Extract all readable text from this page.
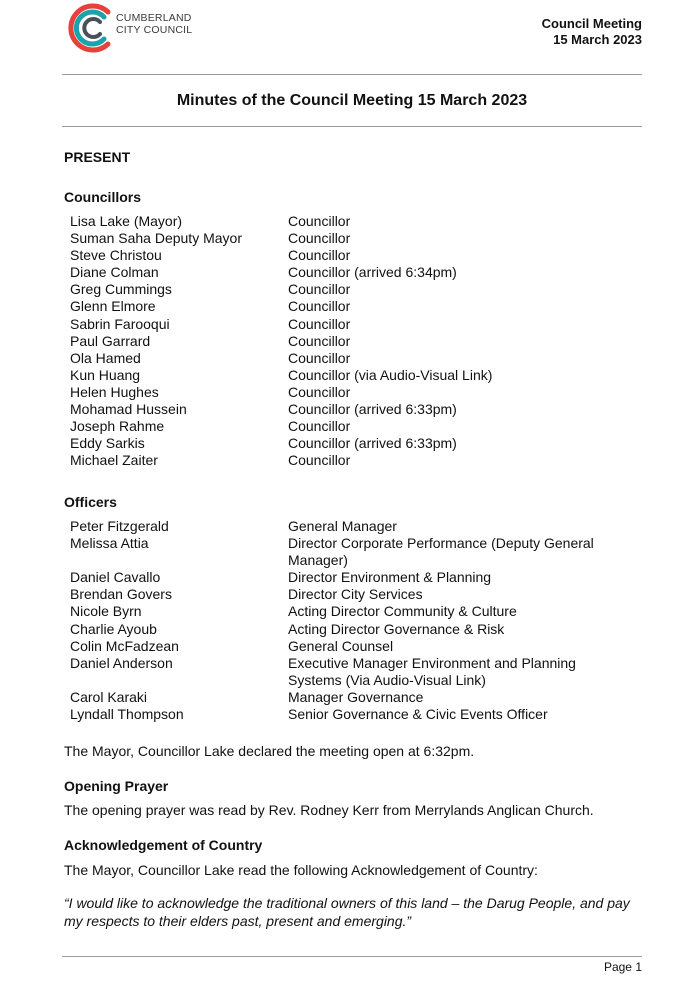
CUMBERLAND
CITY COUNCIL	Council Meeting
15 March 2023
Minutes of the Council Meeting 15 March 2023
PRESENT
Councillors
Lisa Lake (Mayor)	Councillor
Suman Saha Deputy Mayor	Councillor
Steve Christou	Councillor
Diane Colman	Councillor (arrived 6:34pm)
Greg Cummings	Councillor
Glenn Elmore	Councillor
Sabrin Farooqui	Councillor
Paul Garrard	Councillor
Ola Hamed	Councillor
Kun Huang	Councillor (via Audio-Visual Link)
Helen Hughes	Councillor
Mohamad Hussein	Councillor (arrived 6:33pm)
Joseph Rahme	Councillor
Eddy Sarkis	Councillor (arrived 6:33pm)
Michael Zaiter	Councillor
Officers
Peter Fitzgerald	General Manager
Melissa Attia	Director Corporate Performance (Deputy General Manager)
Daniel Cavallo	Director Environment & Planning
Brendan Govers	Director City Services
Nicole Byrn	Acting Director Community & Culture
Charlie Ayoub	Acting Director Governance & Risk
Colin McFadzean	General Counsel
Daniel Anderson	Executive Manager Environment and Planning Systems (Via Audio-Visual Link)
Carol Karaki	Manager Governance
Lyndall Thompson	Senior Governance & Civic Events Officer
The Mayor, Councillor Lake declared the meeting open at 6:32pm.
Opening Prayer
The opening prayer was read by Rev. Rodney Kerr from Merrylands Anglican Church.
Acknowledgement of Country
The Mayor, Councillor Lake read the following Acknowledgement of Country:
“I would like to acknowledge the traditional owners of this land – the Darug People, and pay my respects to their elders past, present and emerging.”
Page 1
